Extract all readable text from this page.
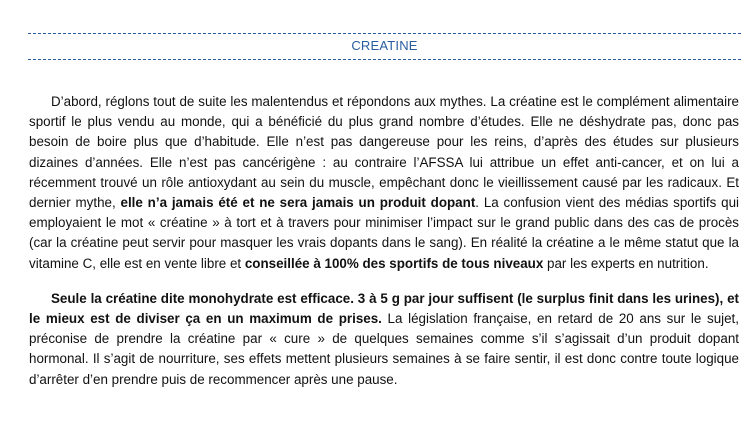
CREATINE

D’abord, réglons tout de suite les malentendus et répondons aux mythes. La créatine est le complément alimentaire sportif le plus vendu au monde, qui a bénéficié du plus grand nombre d’études. Elle ne déshydrate pas, donc pas besoin de boire plus que d’habitude. Elle n’est pas dangereuse pour les reins, d’après des études sur plusieurs dizaines d’années. Elle n’est pas cancérigène : au contraire l’AFSSA lui attribue un effet anti-cancer, et on lui a récemment trouvé un rôle antioxydant au sein du muscle, empêchant donc le vieillissement causé par les radicaux. Et dernier mythe, elle n’a jamais été et ne sera jamais un produit dopant. La confusion vient des médias sportifs qui employaient le mot « créatine » à tort et à travers pour minimiser l’impact sur le grand public dans des cas de procès (car la créatine peut servir pour masquer les vrais dopants dans le sang). En réalité la créatine a le même statut que la vitamine C, elle est en vente libre et conseillée à 100% des sportifs de tous niveaux par les experts en nutrition.

Seule la créatine dite monohydrate est efficace. 3 à 5 g par jour suffisent (le surplus finit dans les urines), et le mieux est de diviser ça en un maximum de prises. La législation française, en retard de 20 ans sur le sujet, préconise de prendre la créatine par « cure » de quelques semaines comme s’il s’agissait d’un produit dopant hormonal. Il s’agit de nourriture, ses effets mettent plusieurs semaines à se faire sentir, il est donc contre toute logique d’arrêter d’en prendre puis de recommencer après une pause.
